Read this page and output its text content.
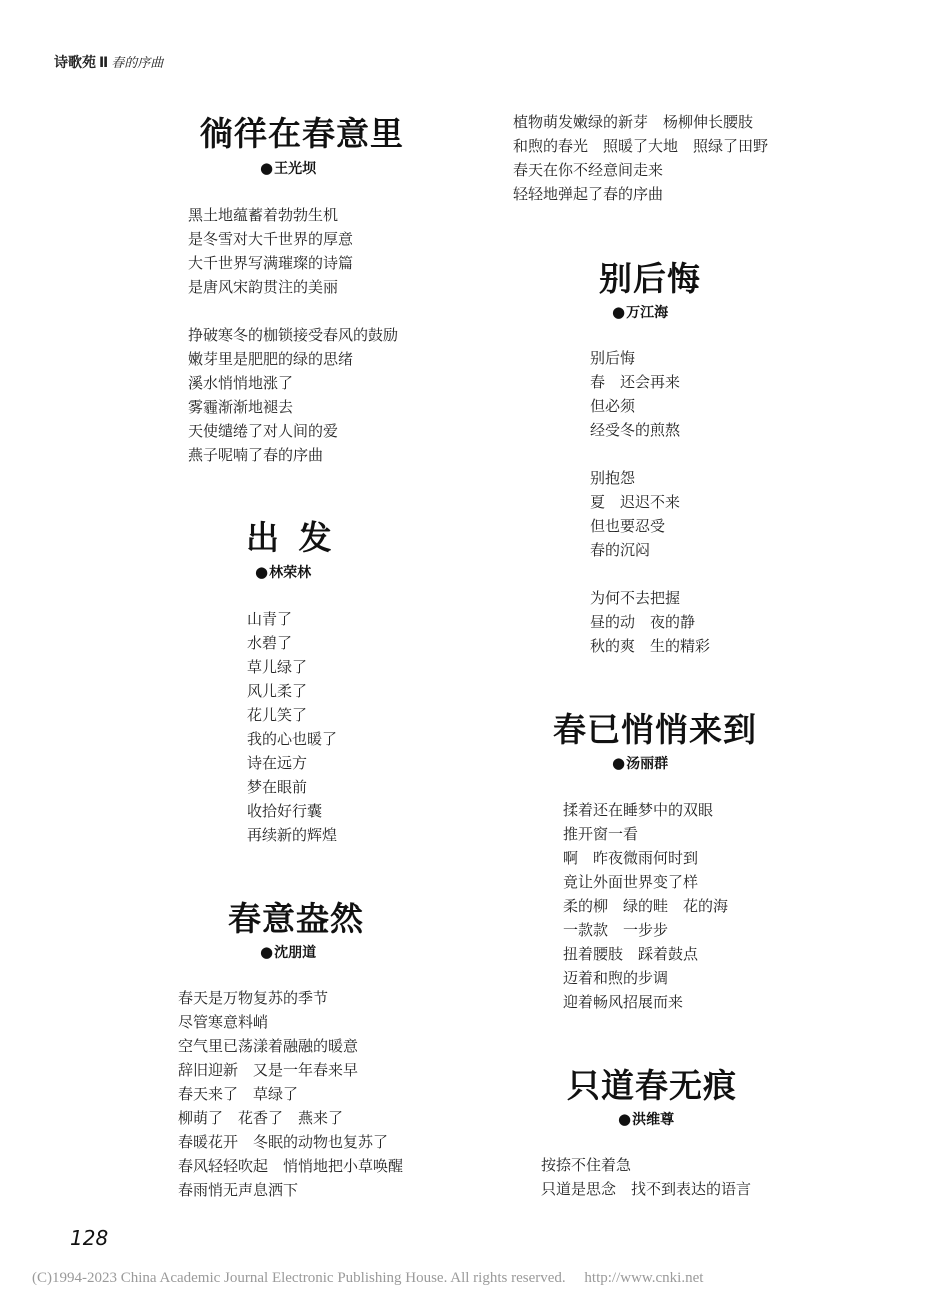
诗歌苑 Ⅱ 春的序曲
徜徉在春意里
●王光坝
黑土地蕴蓄着勃勃生机
是冬雪对大千世界的厚意
大千世界写满璀璨的诗篇
是唐风宋韵贯注的美丽
挣破寒冬的枷锁接受春风的鼓励
嫩芽里是肥肥的绿的思绪
溪水悄悄地涨了
雾霾渐渐地褪去
天使缱绻了对人间的爱
燕子呢喃了春的序曲
植物萌发嫩绿的新芽　杨柳伸长腰肢
和煦的春光　照暖了大地　照绿了田野
春天在你不经意间走来
轻轻地弹起了春的序曲
出 发
●林荣林
山青了
水碧了
草儿绿了
风儿柔了
花儿笑了
我的心也暖了
诗在远方
梦在眼前
收拾好行囊
再续新的辉煌
春意盎然
●沈朋道
春天是万物复苏的季节
尽管寒意料峭
空气里已荡漾着融融的暖意
辞旧迎新　又是一年春来早
春天来了　草绿了
柳萌了　花香了　燕来了
春暖花开　冬眠的动物也复苏了
春风轻轻吹起　悄悄地把小草唤醒
春雨悄无声息洒下
别后悔
●万江海
别后悔
春　还会再来
但必须
经受冬的煎熬
别抱怨
夏　迟迟不来
但也要忍受
春的沉闷
为何不去把握
昼的动　夜的静
秋的爽　生的精彩
春已悄悄来到
●汤丽群
揉着还在睡梦中的双眼
推开窗一看
啊　昨夜微雨何时到
竟让外面世界变了样
柔的柳　绿的畦　花的海
一款款　一步步
扭着腰肢　踩着鼓点
迈着和煦的步调
迎着畅风招展而来
只道春无痕
●洪维尊
按捺不住着急
只道是思念　找不到表达的语言
128
(C)1994-2023 China Academic Journal Electronic Publishing House. All rights reserved.　 http://www.cnki.net
